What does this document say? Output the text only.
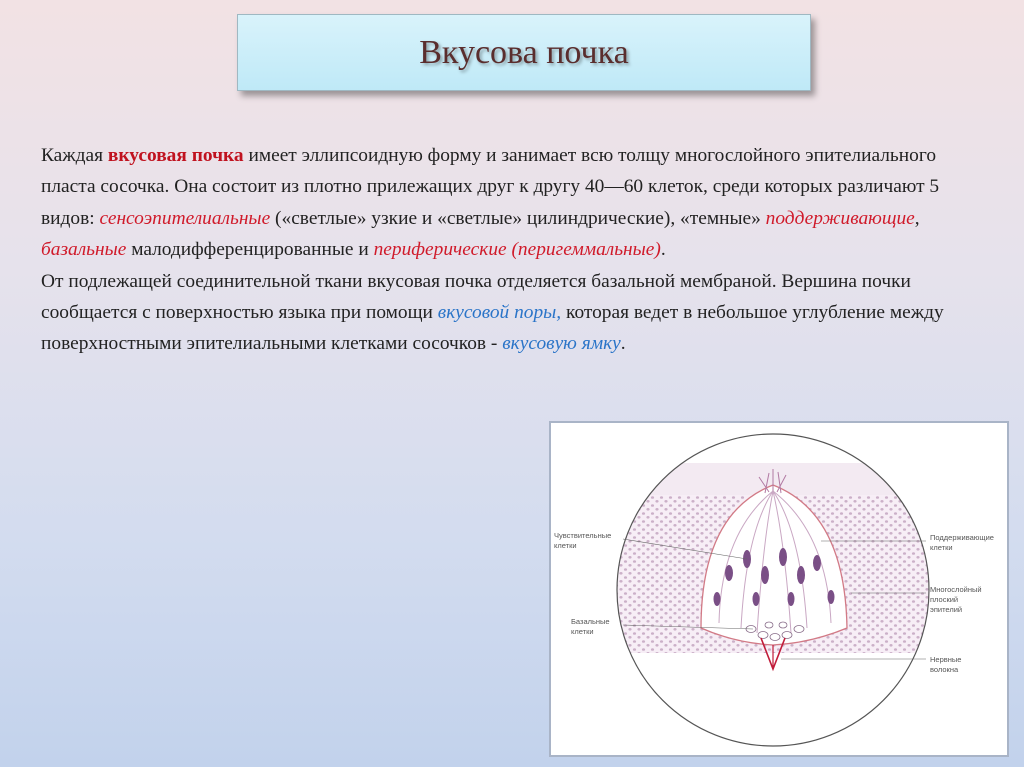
Вкусова почка

Каждая вкусовая почка имеет эллипсоидную форму и занимает всю толщу многослойного эпителиального пласта сосочка. Она состоит из плотно прилежащих друг к другу 40—60 клеток, среди которых различают 5 видов: сенсоэпителиальные («светлые» узкие и «светлые» цилиндрические), «темные» поддерживающие, базальные малодифференцированные и периферические (перигеммальные).

От подлежащей соединительной ткани вкусовая почка отделяется базальной мембраной. Вершина почки сообщается с поверхностью языка при помощи вкусовой поры, которая ведет в небольшое углубление между поверхностными эпителиальными клетками сосочков - вкусовую ямку.

Чувствительные
клетки
Базальные
клетки
Поддерживающие
клетки
Многослойный
плоский
эпителий
Нервные
волокна
